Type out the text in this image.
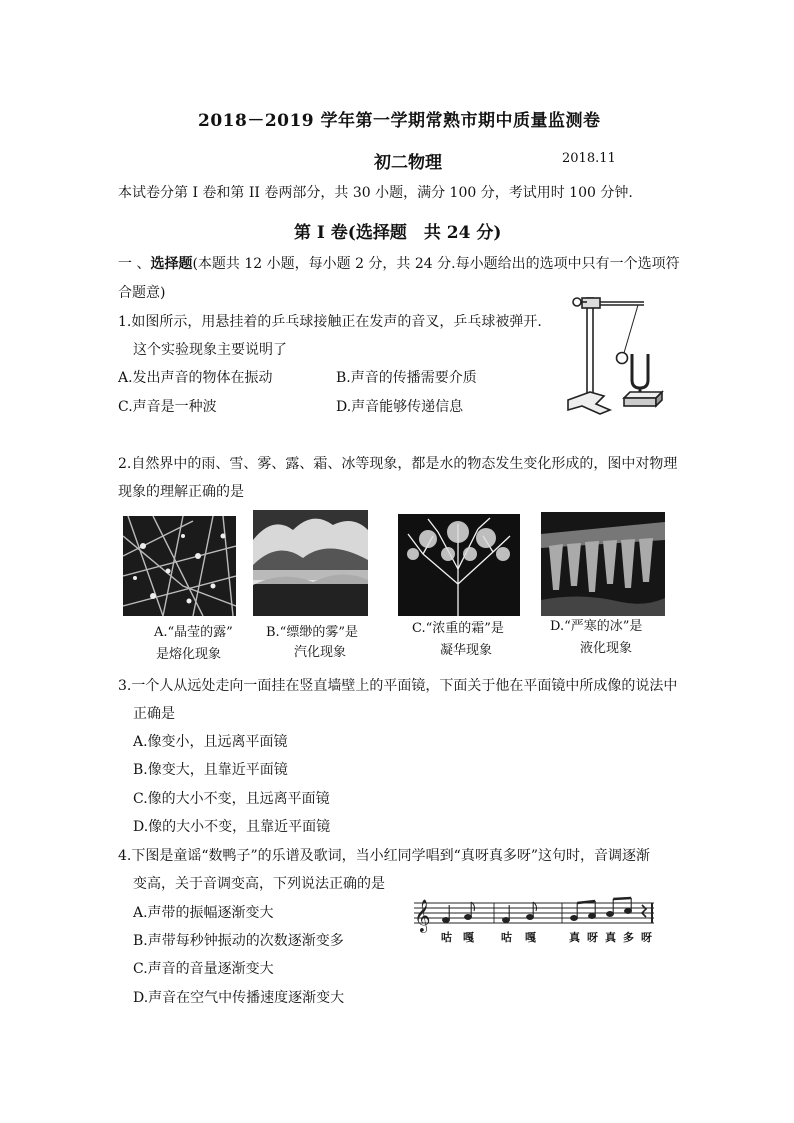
2018－2019 学年第一学期常熟市期中质量监测卷
初二物理	2018.11
本试卷分第 I 卷和第 II 卷两部分，共 30 小题，满分 100 分，考试用时 100 分钟.
第 I 卷(选择题　共 24 分)
一 、选择题(本题共 12 小题，每小题 2 分，共 24 分.每小题给出的选项中只有一个选项符
合题意)
1.如图所示，用悬挂着的乒乓球接触正在发声的音叉，乒乓球被弹开.
这个实验现象主要说明了
A.发出声音的物体在振动	B.声音的传播需要介质
C.声音是一种波	D.声音能够传递信息
2.自然界中的雨、雪、雾、露、霜、冰等现象，都是水的物态发生变化形成的，图中对物理
现象的理解正确的是
A.“晶莹的露”
是熔化现象
B.“缥缈的雾”是
汽化现象
C.“浓重的霜”是
凝华现象
D.“严寒的冰”是
液化现象
3.一个人从远处走向一面挂在竖直墙壁上的平面镜，下面关于他在平面镜中所成像的说法中
正确是
A.像变小，且远离平面镜
B.像变大，且靠近平面镜
C.像的大小不变，且远离平面镜
D.像的大小不变，且靠近平面镜
4.下图是童谣“数鸭子”的乐谱及歌词，当小红同学唱到“真呀真多呀”这句时，音调逐渐
变高，关于音调变高，下列说法正确的是
A.声带的振幅逐渐变大
B.声带每秒钟振动的次数逐渐变多
C.声音的音量逐渐变大
D.声音在空气中传播速度逐渐变大
𝄞
咕 嘎 咕 嘎	真 呀 真 多 呀
